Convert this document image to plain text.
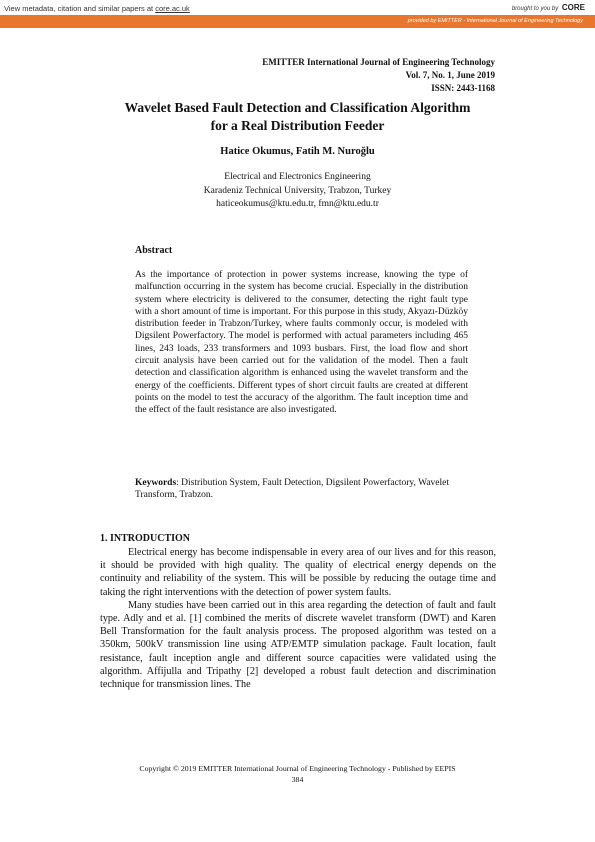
View metadata, citation and similar papers at core.ac.uk	brought to you by CORE
provided by EMITTER - International Journal of Engineering Technology
EMITTER International Journal of Engineering Technology
Vol. 7, No. 1, June 2019
ISSN: 2443-1168
Wavelet Based Fault Detection and Classification Algorithm
for a Real Distribution Feeder
Hatice Okumus, Fatih M. Nuroğlu
Electrical and Electronics Engineering
Karadeniz Technical University, Trabzon, Turkey
haticeokumus@ktu.edu.tr, fmn@ktu.edu.tr
Abstract
As the importance of protection in power systems increase, knowing the type of malfunction occurring in the system has become crucial. Especially in the distribution system where electricity is delivered to the consumer, detecting the right fault type with a short amount of time is important. For this purpose in this study, Akyazı-Düzköy distribution feeder in Trabzon/Turkey, where faults commonly occur, is modeled with Digsilent Powerfactory. The model is performed with actual parameters including 465 lines, 243 loads, 233 transformers and 1093 busbars. First, the load flow and short circuit analysis have been carried out for the validation of the model. Then a fault detection and classification algorithm is enhanced using the wavelet transform and the energy of the coefficients. Different types of short circuit faults are created at different points on the model to test the accuracy of the algorithm. The fault inception time and the effect of the fault resistance are also investigated.
Keywords: Distribution System, Fault Detection, Digsilent Powerfactory, Wavelet Transform, Trabzon.
1. INTRODUCTION

Electrical energy has become indispensable in every area of our lives and for this reason, it should be provided with high quality. The quality of electrical energy depends on the continuity and reliability of the system. This will be possible by reducing the outage time and taking the right interventions with the detection of power system faults.

Many studies have been carried out in this area regarding the detection of fault and fault type. Adly and et al. [1] combined the merits of discrete wavelet transform (DWT) and Karen Bell Transformation for the fault analysis process. The proposed algorithm was tested on a 350km, 500kV transmission line using ATP/EMTP simulation package. Fault location, fault resistance, fault inception angle and different source capacities were validated using the algorithm. Affijulla and Tripathy [2] developed a robust fault detection and discrimination technique for transmission lines. The

Copyright © 2019 EMITTER International Journal of Engineering Technology - Published by EEPIS
384
